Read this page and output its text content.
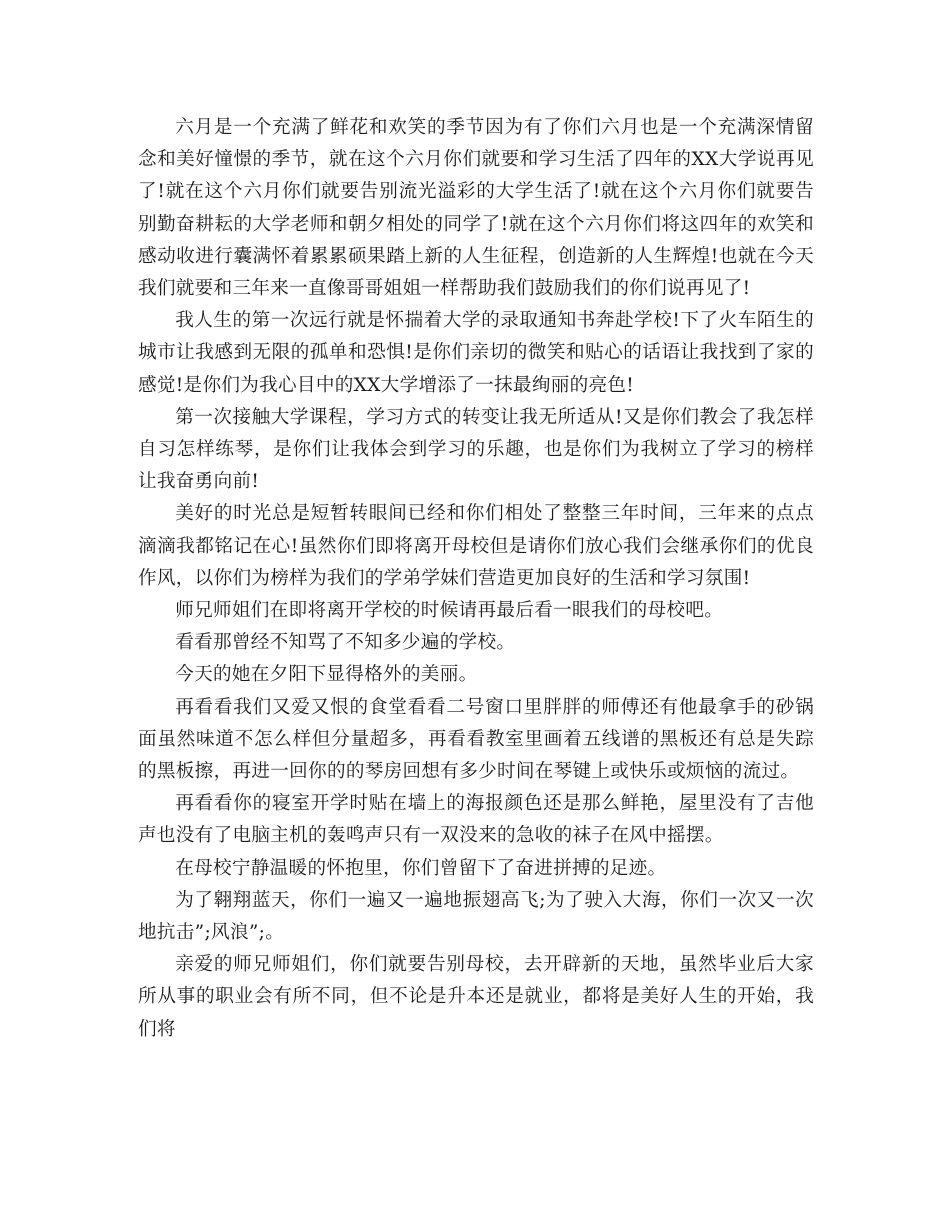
六月是一个充满了鲜花和欢笑的季节因为有了你们六月也是一个充满深情留念和美好憧憬的季节，就在这个六月你们就要和学习生活了四年的XX大学说再见了!就在这个六月你们就要告别流光溢彩的大学生活了!就在这个六月你们就要告别勤奋耕耘的大学老师和朝夕相处的同学了!就在这个六月你们将这四年的欢笑和感动收进行囊满怀着累累硕果踏上新的人生征程，创造新的人生辉煌!也就在今天我们就要和三年来一直像哥哥姐姐一样帮助我们鼓励我们的你们说再见了!

我人生的第一次远行就是怀揣着大学的录取通知书奔赴学校!下了火车陌生的城市让我感到无限的孤单和恐惧!是你们亲切的微笑和贴心的话语让我找到了家的感觉!是你们为我心目中的XX大学增添了一抹最绚丽的亮色!

第一次接触大学课程，学习方式的转变让我无所适从!又是你们教会了我怎样自习怎样练琴，是你们让我体会到学习的乐趣，也是你们为我树立了学习的榜样让我奋勇向前!

美好的时光总是短暂转眼间已经和你们相处了整整三年时间，三年来的点点滴滴我都铭记在心!虽然你们即将离开母校但是请你们放心我们会继承你们的优良作风，以你们为榜样为我们的学弟学妹们营造更加良好的生活和学习氛围!

师兄师姐们在即将离开学校的时候请再最后看一眼我们的母校吧。

看看那曾经不知骂了不知多少遍的学校。

今天的她在夕阳下显得格外的美丽。

再看看我们又爱又恨的食堂看看二号窗口里胖胖的师傅还有他最拿手的砂锅面虽然味道不怎么样但分量超多，再看看教室里画着五线谱的黑板还有总是失踪的黑板擦，再进一回你的的琴房回想有多少时间在琴键上或快乐或烦恼的流过。

再看看你的寝室开学时贴在墙上的海报颜色还是那么鲜艳，屋里没有了吉他声也没有了电脑主机的轰鸣声只有一双没来的急收的袜子在风中摇摆。

在母校宁静温暖的怀抱里，你们曾留下了奋进拼搏的足迹。

为了翱翔蓝天，你们一遍又一遍地振翅高飞;为了驶入大海，你们一次又一次地抗击”;风浪”;。

亲爱的师兄师姐们，你们就要告别母校，去开辟新的天地，虽然毕业后大家所从事的职业会有所不同，但不论是升本还是就业，都将是美好人生的开始，我们将
